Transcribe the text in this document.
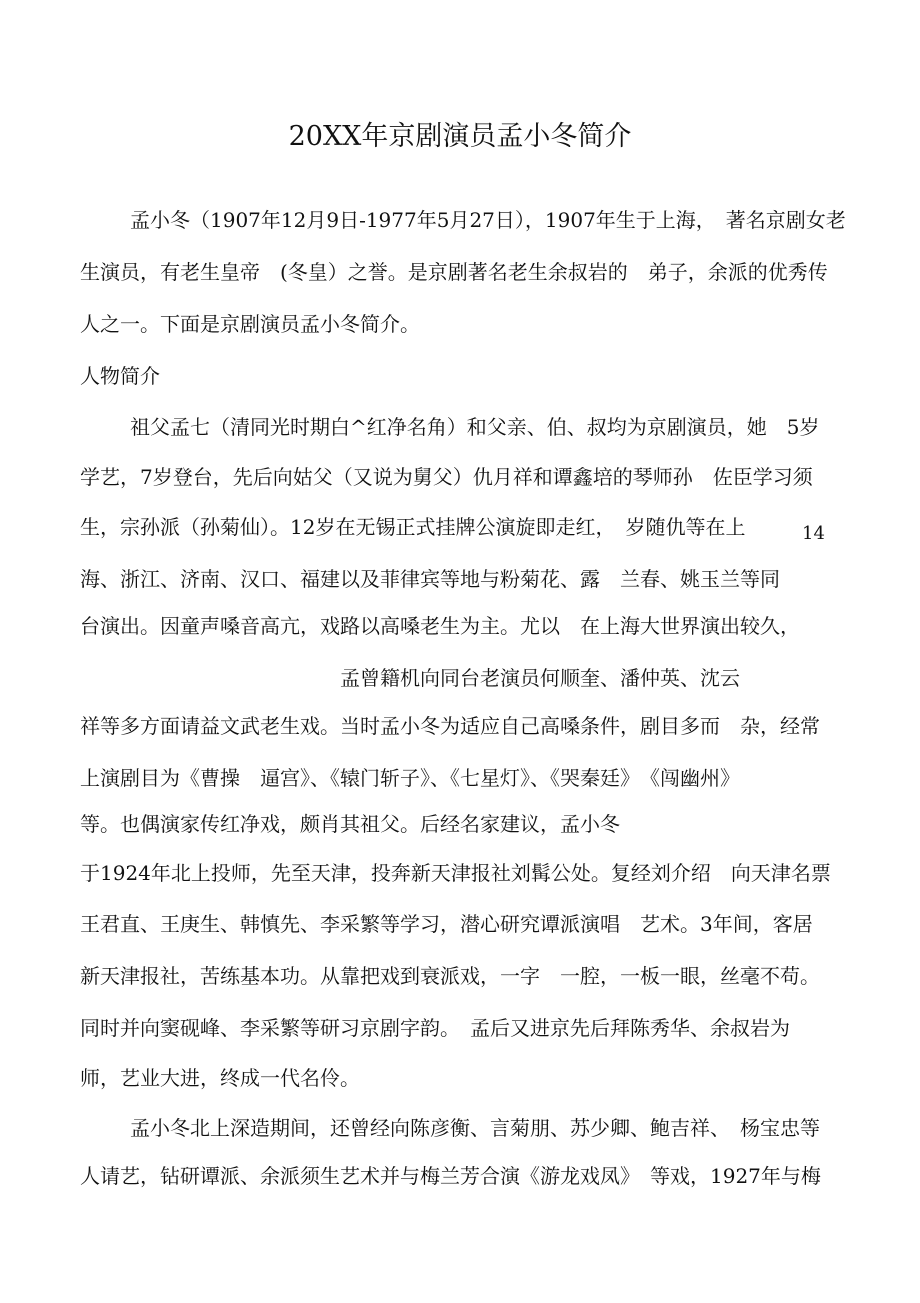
20XX年京剧演员孟小冬简介
孟小冬（1907年12月9日-1977年5月27日），1907年生于上海，　著名京剧女老
生演员，有老生皇帝　(冬皇）之誉。是京剧著名老生余叔岩的　弟子，余派的优秀传
人之一。下面是京剧演员孟小冬简介。
人物简介
祖父孟七（清同光时期白^红净名角）和父亲、伯、叔均为京剧演员，她　5岁
学艺，7岁登台，先后向姑父（又说为舅父）仇月祥和谭鑫培的琴师孙　佐臣学习须
生，宗孙派（孙菊仙）。12岁在无锡正式挂牌公演旋即走红，　岁随仇等在上
海、浙江、济南、汉口、福建以及菲律宾等地与粉菊花、露　兰春、姚玉兰等同
台演出。因童声嗓音高亢，戏路以高嗓老生为主。尤以　在上海大世界演出较久，
孟曾籍机向同台老演员何顺奎、潘仲英、沈云
祥等多方面请益文武老生戏。当时孟小冬为适应自己高嗓条件，剧目多而　杂，经常
上演剧目为《曹操　逼宫》、《辕门斩子》、《七星灯》、《哭秦廷》　《闯幽州》
等。也偶演家传红净戏，颇肖其祖父。后经名家建议，孟小冬
于1924年北上投师，先至天津，投奔新天津报社刘髯公处。复经刘介绍　向天津名票
王君直、王庚生、韩慎先、李采繁等学习，潜心研究谭派演唱　艺术。3年间，客居
新天津报社，苦练基本功。从靠把戏到衰派戏，一字　一腔，一板一眼，丝毫不苟。
同时并向窦砚峰、李采繁等研习京剧字韵。　孟后又进京先后拜陈秀华、余叔岩为
师，艺业大进，终成一代名伶。
孟小冬北上深造期间，还曾经向陈彦衡、言菊朋、苏少卿、鲍吉祥、　杨宝忠等
人请艺，钻研谭派、余派须生艺术并与梅兰芳合演《游龙戏凤》　等戏，1927年与梅
14
